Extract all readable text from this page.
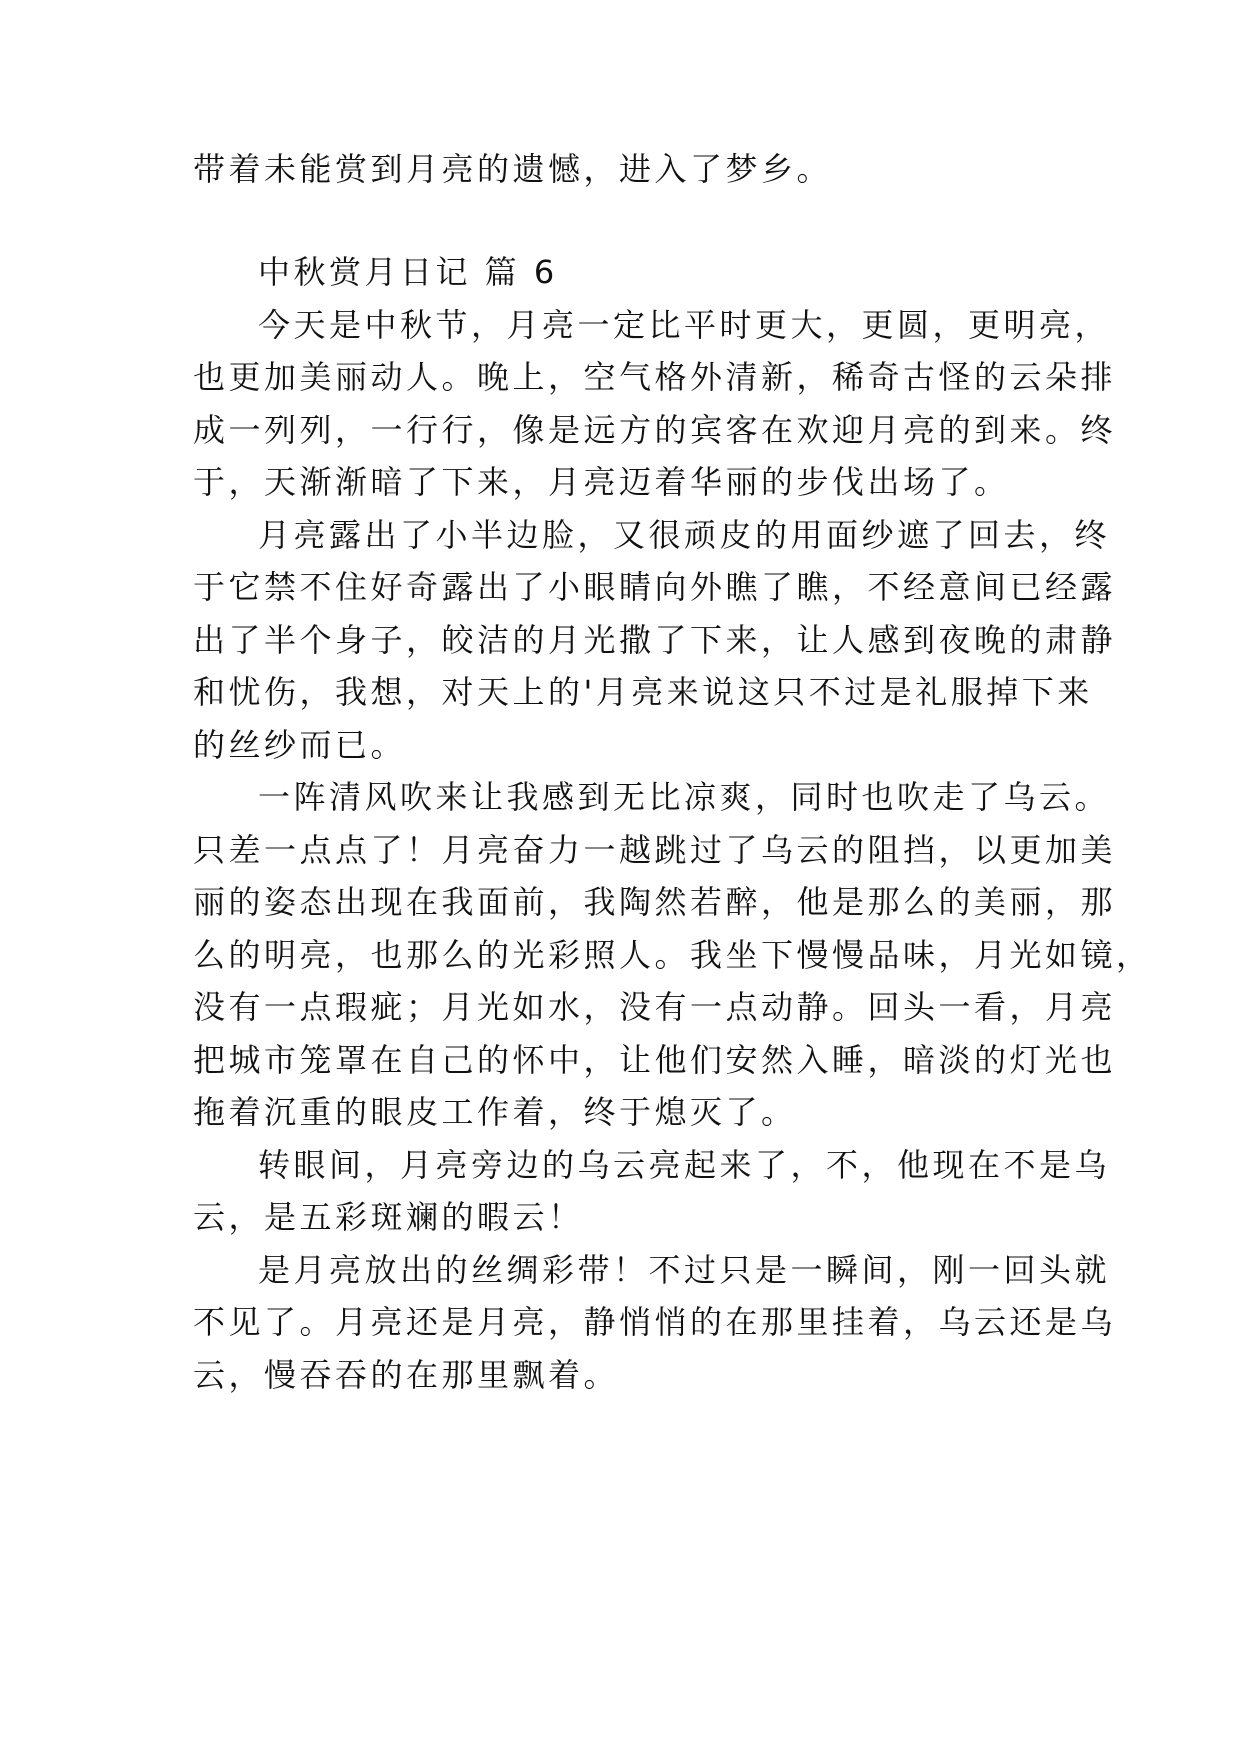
带着未能赏到月亮的遗憾，进入了梦乡。
中秋赏月日记 篇 6
今天是中秋节，月亮一定比平时更大，更圆，更明亮，
也更加美丽动人。晚上，空气格外清新，稀奇古怪的云朵排
成一列列，一行行，像是远方的宾客在欢迎月亮的到来。终
于，天渐渐暗了下来，月亮迈着华丽的步伐出场了。
月亮露出了小半边脸，又很顽皮的用面纱遮了回去，终
于它禁不住好奇露出了小眼睛向外瞧了瞧，不经意间已经露
出了半个身子，皎洁的月光撒了下来，让人感到夜晚的肃静
和忧伤，我想，对天上的'月亮来说这只不过是礼服掉下来
的丝纱而已。
一阵清风吹来让我感到无比凉爽，同时也吹走了乌云。
只差一点点了！月亮奋力一越跳过了乌云的阻挡，以更加美
丽的姿态出现在我面前，我陶然若醉，他是那么的美丽，那
么的明亮，也那么的光彩照人。我坐下慢慢品味，月光如镜，
没有一点瑕疵；月光如水，没有一点动静。回头一看，月亮
把城市笼罩在自己的怀中，让他们安然入睡，暗淡的灯光也
拖着沉重的眼皮工作着，终于熄灭了。
转眼间，月亮旁边的乌云亮起来了，不，他现在不是乌
云，是五彩斑斓的暇云！
是月亮放出的丝绸彩带！不过只是一瞬间，刚一回头就
不见了。月亮还是月亮，静悄悄的在那里挂着，乌云还是乌
云，慢吞吞的在那里飘着。
